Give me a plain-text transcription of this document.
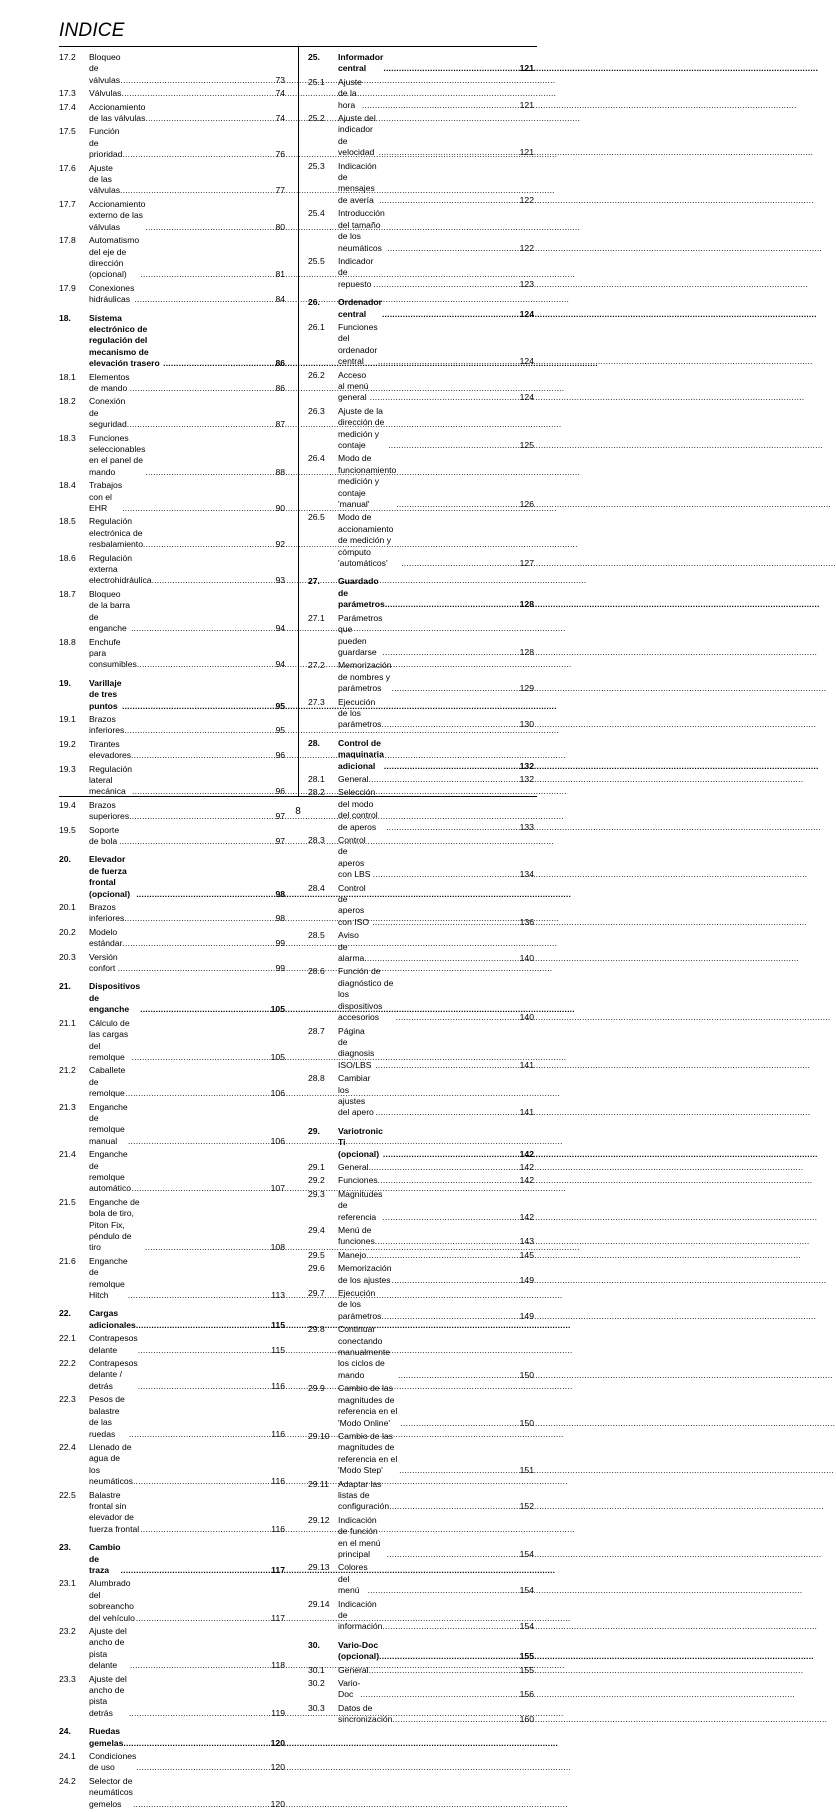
INDICE
17.2	Bloqueo de válvulas .....	73
17.3	Válvulas .....	74
17.4	Accionamiento de las válvulas .....	74
17.5	Función de prioridad .....	76
17.6	Ajuste de las válvulas .....	77
17.7	Accionamiento externo de las válvulas .....	80
17.8	Automatismo del eje de dirección (opcional) .....	81
17.9	Conexiones hidráulicas .....	84
18.	Sistema electrónico de regulación del mecanismo de elevación trasero .....	86
18.1	Elementos de mando .....	86
18.2	Conexión de seguridad .....	87
18.3	Funciones seleccionables en el panel de mando .....	88
18.4	Trabajos con el EHR .....	90
18.5	Regulación electrónica de resbalamiento .....	92
18.6	Regulación externa electrohidráulica .....	93
18.7	Bloqueo de la barra de enganche .....	94
18.8	Enchufe para consumibles .....	94
19.	Varillaje de tres puntos .....	95
19.1	Brazos inferiores .....	95
19.2	Tirantes elevadores .....	96
19.3	Regulación lateral mecánica .....	96
19.4	Brazos superiores .....	97
19.5	Soporte de bola .....	97
20.	Elevador de fuerza frontal (opcional) .....	98
20.1	Brazos inferiores .....	98
20.2	Modelo estándar .....	99
20.3	Versión confort .....	99
21.	Dispositivos de enganche .....	105
21.1	Cálculo de las cargas del remolque .....	105
21.2	Caballete de remolque .....	106
21.3	Enganche de remolque manual .....	106
21.4	Enganche de remolque automático .....	107
21.5	Enganche de bola de tiro, Piton Fix, péndulo de tiro .....	108
21.6	Enganche de remolque Hitch .....	113
22.	Cargas adicionales .....	115
22.1	Contrapesos delante .....	115
22.2	Contrapesos delante / detrás .....	116
22.3	Pesos de balastre de las ruedas .....	116
22.4	Llenado de agua de los neumáticos .....	116
22.5	Balastre frontal sin elevador de fuerza frontal .....	116
23.	Cambio de traza .....	117
23.1	Alumbrado del sobreancho del vehículo .....	117
23.2	Ajuste del ancho de pista delante .....	118
23.3	Ajuste del ancho de pista detrás .....	119
24.	Ruedas gemelas .....	120
24.1	Condiciones de uso .....	120
24.2	Selector de neumáticos gemelos .....	120
25.	Informador central .....	121
25.1	Ajuste de la hora .....	121
25.2	Ajuste del indicador de velocidad .....	121
25.3	Indicación de mensajes de avería .....	122
25.4	Introducción del tamaño de los neumáticos .....	122
25.5	Indicador de repuesto .....	123
26.	Ordenador central .....	124
26.1	Funciones del ordenador central .....	124
26.2	Acceso al menú general .....	124
26.3	Ajuste de la dirección de medición y contaje .....	125
26.4	Modo de funcionamiento medición y contaje 'manual' .....	126
26.5	Modo de accionamiento de medición y cómputo 'automáticos' .....	127
27.	Guardado de parámetros .....	128
27.1	Parámetros que pueden guardarse .....	128
27.2	Memorización de nombres y parámetros .....	129
27.3	Ejecución de los parámetros .....	130
28.	Control de maquinaria adicional .....	132
28.1	General .....	132
28.2	Selección del modo del control de aperos .....	133
28.3	Control de aperos con LBS .....	134
28.4	Control de aperos con ISO .....	136
28.5	Aviso de alarma .....	140
28.6	Función de diagnóstico de los dispositivos accesorios .....	140
28.7	Página de diagnosis ISO/LBS .....	141
28.8	Cambiar los ajustes del apero .....	141
29.	Variotronic Ti (opcional) .....	142
29.1	General .....	142
29.2	Funciones .....	142
29.3	Magnitudes de referencia .....	142
29.4	Menú de funciones .....	143
29.5	Manejo .....	145
29.6	Memorización de los ajustes .....	149
29.7	Ejecución de los parámetros .....	149
29.8	Continuar conectando manualmente los ciclos de mando .....	150
29.9	Cambio de las magnitudes de referencia en el 'Modo Online' .....	150
29.10 Cambio de las magnitudes de referencia en el 'Modo Step' .....	151
29.11	Adaptar las listas de configuración .....	152
29.12 Indicación de función en el menú principal .....	154
29.13 Colores del menú .....	154
29.14 Indicación de información .....	154
30.	Vario-Doc (opcional) .....	155
30.1	General .....	155
30.2	Vario-Doc .....	156
30.3	Datos de sincronización .....	160
8
